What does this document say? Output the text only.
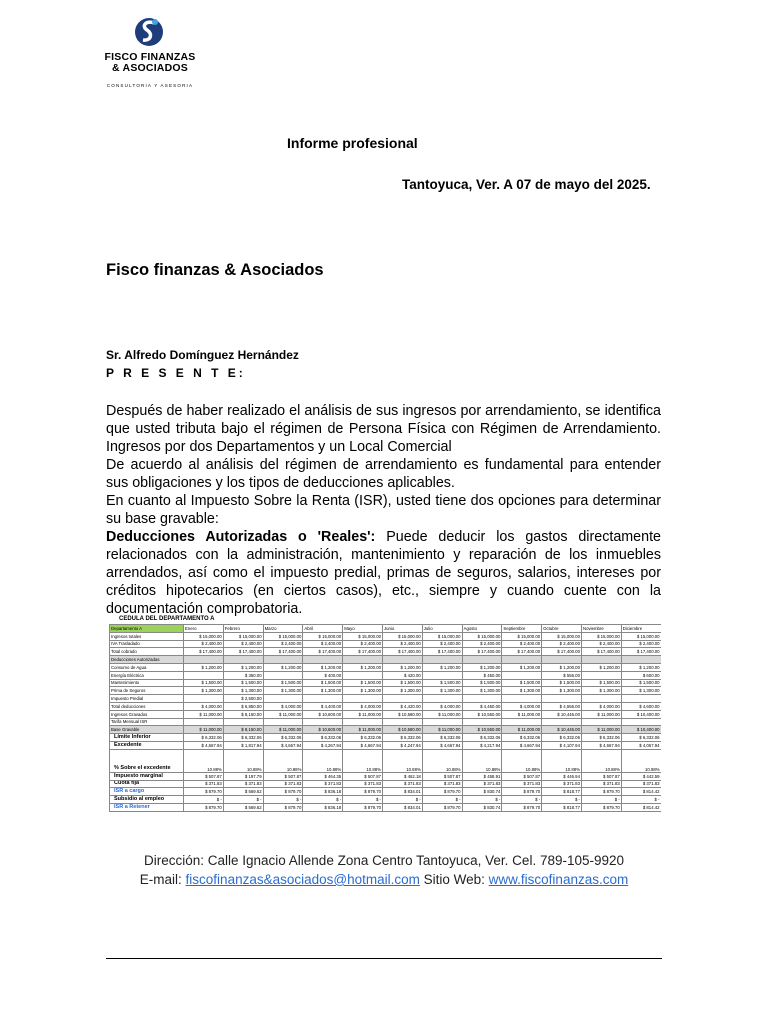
FISCO FINANZAS
& ASOCIADOS
CONSULTORIA Y ASESORIA
Informe profesional
Tantoyuca, Ver. A 07 de mayo del 2025.
Fisco finanzas & Asociados
Sr. Alfredo Domínguez Hernández
P R E S E N T E:

Después de haber realizado el análisis de sus ingresos por arrendamiento, se identifica que usted tributa bajo el régimen de Persona Física con Régimen de Arrendamiento. Ingresos por dos Departamentos y un Local Comercial

De acuerdo al análisis del régimen de arrendamiento es fundamental para entender sus obligaciones y los tipos de deducciones aplicables.

En cuanto al Impuesto Sobre la Renta (ISR), usted tiene dos opciones para determinar su base gravable:

Deducciones Autorizadas o 'Reales': Puede deducir los gastos directamente relacionados con la administración, mantenimiento y reparación de los inmuebles arrendados, así como el impuesto predial, primas de seguros, salarios, intereses por créditos hipotecarios (en ciertos casos), etc., siempre y cuando cuente con la documentación comprobatoria.

CEDULA DEL DEPARTAMENTO A
Departamento A	Enero	Febrero	Marzo	Abril	Mayo	Junio	Julio	Agosto	Septiembre	Octubre	Noviembre	Diciembre
Ingresos totales	$ 15,000.00	$ 15,000.00	$ 15,000.00	$ 15,000.00	$ 15,000.00	$ 15,000.00	$ 15,000.00	$ 15,000.00	$ 15,000.00	$ 15,000.00	$ 15,000.00	$ 15,000.00
IVA Trasladado	$ 2,400.00	$ 2,400.00	$ 2,400.00	$ 2,400.00	$ 2,400.00	$ 2,400.00	$ 2,400.00	$ 2,400.00	$ 2,400.00	$ 2,400.00	$ 2,400.00	$ 2,400.00
Total cobrado	$ 17,400.00	$ 17,400.00	$ 17,400.00	$ 17,400.00	$ 17,400.00	$ 17,400.00	$ 17,400.00	$ 17,400.00	$ 17,400.00	$ 17,400.00	$ 17,400.00	$ 17,400.00
Deducciones Autorizadas												
Consumo de Agua	$ 1,200.00	$ 1,200.00	$ 1,200.00	$ 1,200.00	$ 1,200.00	$ 1,200.00	$ 1,200.00	$ 1,200.00	$ 1,200.00	$ 1,200.00	$ 1,200.00	$ 1,200.00
Energía Eléctrica		$ 350.00		$ 400.00		$ 420.00		$ 450.00		$ 556.00		$ 600.00
Mantenimiento	$ 1,500.00	$ 1,500.00	$ 1,500.00	$ 1,500.00	$ 1,500.00	$ 1,500.00	$ 1,500.00	$ 1,500.00	$ 1,500.00	$ 1,500.00	$ 1,500.00	$ 1,500.00
Prima de Seguros	$ 1,300.00	$ 1,300.00	$ 1,300.00	$ 1,300.00	$ 1,300.00	$ 1,300.00	$ 1,300.00	$ 1,300.00	$ 1,300.00	$ 1,300.00	$ 1,300.00	$ 1,300.00
Impuesto Predial		$ 2,500.00										
Total deducciones	$ 4,000.00	$ 6,850.00	$ 4,000.00	$ 4,400.00	$ 4,000.00	$ 4,420.00	$ 4,000.00	$ 4,450.00	$ 4,000.00	$ 4,556.00	$ 4,000.00	$ 4,600.00
Ingresos Gravados	$ 11,000.00	$ 8,150.00	$ 11,000.00	$ 10,600.00	$ 11,000.00	$ 10,580.00	$ 11,000.00	$ 10,550.00	$ 11,000.00	$ 10,446.00	$ 11,000.00	$ 10,400.00
Tarifa Mensual ISR												
Base Gravable	$ 11,000.00	$ 8,150.00	$ 11,000.00	$ 10,600.00	$ 11,000.00	$ 10,580.00	$ 11,000.00	$ 10,550.00	$ 11,000.00	$ 10,446.00	$ 11,000.00	$ 10,400.00
Límite Inferior	$ 6,332.06	$ 6,332.06	$ 6,332.06	$ 6,332.06	$ 6,332.06	$ 6,332.06	$ 6,332.06	$ 6,332.06	$ 6,332.06	$ 6,332.06	$ 6,332.06	$ 6,332.06
Excedente	$ 4,667.94	$ 1,817.94	$ 4,667.94	$ 4,267.94	$ 4,667.94	$ 4,247.94	$ 4,667.94	$ 4,217.94	$ 4,667.94	$ 4,107.94	$ 4,667.94	$ 4,067.94
% Sobre el excedente	10.88%	10.88%	10.88%	10.88%	10.88%	10.88%	10.88%	10.88%	10.88%	10.88%	10.88%	10.88%
Impuesto marginal	$ 507.87	$ 197.79	$ 507.87	$ 464.35	$ 507.87	$ 462.18	$ 507.87	$ 458.91	$ 507.87	$ 446.94	$ 507.87	$ 442.59
Cuota fija	$ 371.83	$ 371.83	$ 371.83	$ 371.83	$ 371.83	$ 371.83	$ 371.83	$ 371.83	$ 371.83	$ 371.83	$ 371.83	$ 371.83
ISR a cargo	$ 879.70	$ 569.62	$ 879.70	$ 836.18	$ 879.70	$ 834.01	$ 879.70	$ 830.74	$ 879.70	$ 818.77	$ 879.70	$ 814.42
Subsidio al empleo	$ -	$ -	$ -	$ -	$ -	$ -	$ -	$ -	$ -	$ -	$ -	$ -
ISR a Retener	$ 879.70	$ 569.62	$ 879.70	$ 836.18	$ 879.70	$ 834.01	$ 879.70	$ 830.74	$ 879.70	$ 818.77	$ 879.70	$ 814.42
Dirección: Calle Ignacio Allende Zona Centro Tantoyuca, Ver. Cel. 789-105-9920
E-mail: fiscofinanzas&asociados@hotmail.com Sitio Web: www.fiscofinanzas.com
